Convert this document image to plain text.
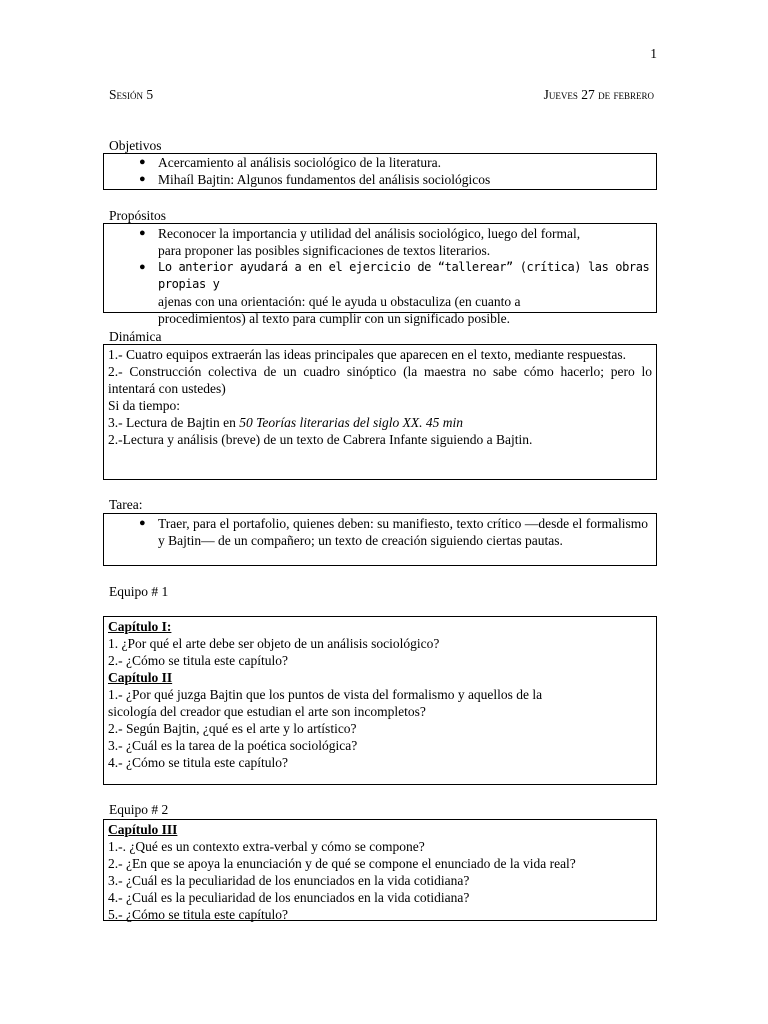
1
Sesión 5	Jueves 27 de febrero
Objetivos
● Acercamiento al análisis sociológico de la literatura.
● Mihaíl Bajtin: Algunos fundamentos del análisis sociológicos
Propósitos
● Reconocer la importancia y utilidad del análisis sociológico, luego del formal,
para proponer las posibles significaciones de textos literarios.
● Lo anterior ayudará a en el ejercicio de “tallerear” (crítica) las obras propias y
ajenas con una orientación: qué le ayuda u obstaculiza (en cuanto a
procedimientos) al texto para cumplir con un significado posible.
Dinámica
1.- Cuatro equipos extraerán las ideas principales que aparecen en el texto, mediante respuestas.
2.- Construcción colectiva de un cuadro sinóptico (la maestra no sabe cómo hacerlo; pero lo intentará con ustedes)
Si da tiempo:
3.- Lectura de Bajtin en 50 Teorías literarias del siglo XX. 45 min
2.-Lectura y análisis (breve) de un texto de Cabrera Infante siguiendo a Bajtin.
Tarea:
● Traer, para el portafolio, quienes deben: su manifiesto, texto crítico —desde el formalismo y Bajtin— de un compañero; un texto de creación siguiendo ciertas pautas.
Equipo # 1
Capítulo I:
1. ¿Por qué el arte debe ser objeto de un análisis sociológico?
2.- ¿Cómo se titula este capítulo?
Capítulo II
1.- ¿Por qué juzga Bajtin que los puntos de vista del formalismo y aquellos de la
sicología del creador que estudian el arte son incompletos?
2.- Según Bajtin, ¿qué es el arte y lo artístico?
3.- ¿Cuál es la tarea de la poética sociológica?
4.- ¿Cómo se titula este capítulo?
Equipo # 2
Capítulo III
1.-. ¿Qué es un contexto extra-verbal y cómo se compone?
2.- ¿En que se apoya la enunciación y de qué se compone el enunciado de la vida real?
3.- ¿Cuál es la peculiaridad de los enunciados en la vida cotidiana?
4.- ¿Cuál es la peculiaridad de los enunciados en la vida cotidiana?
5.- ¿Cómo se titula este capítulo?
